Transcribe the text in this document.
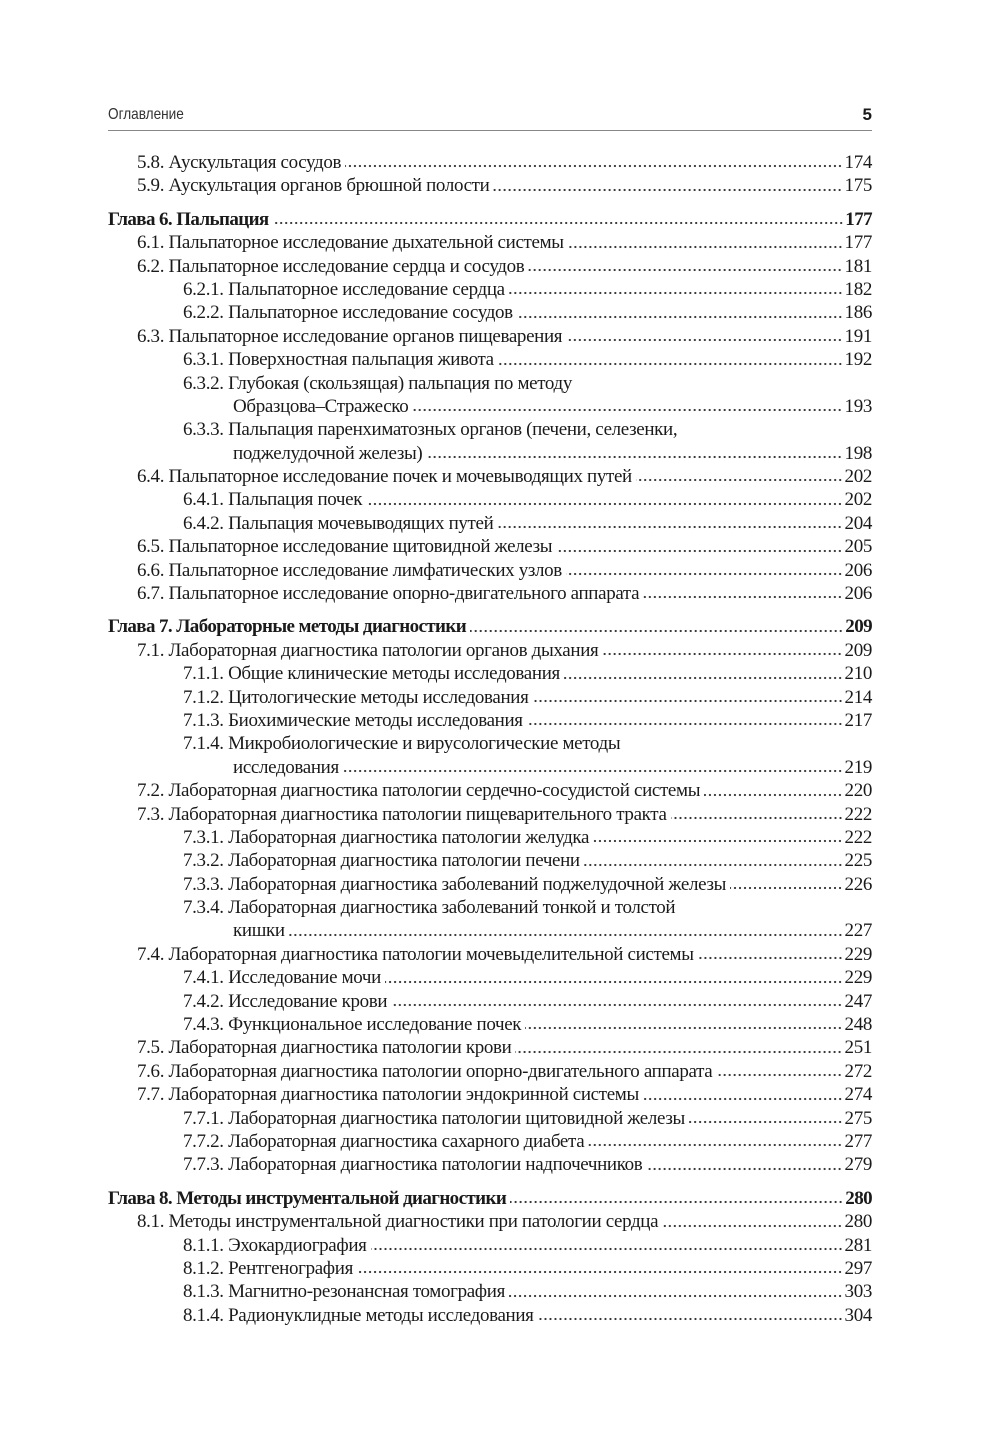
Оглавление	5
5.8. Аускультация сосудов	174
5.9. Аускультация органов брюшной полости	175
Глава 6. Пальпация	177
6.1. Пальпаторное исследование дыхательной системы	177
6.2. Пальпаторное исследование сердца и сосудов	181
6.2.1. Пальпаторное исследование сердца	182
6.2.2. Пальпаторное исследование сосудов	186
6.3. Пальпаторное исследование органов пищеварения	191
6.3.1. Поверхностная пальпация живота	192
6.3.2. Глубокая (скользящая) пальпация по методу
Образцова–Стражеско	193
6.3.3. Пальпация паренхиматозных органов (печени, селезенки,
поджелудочной железы)	198
6.4. Пальпаторное исследование почек и мочевыводящих путей	202
6.4.1. Пальпация почек	202
6.4.2. Пальпация мочевыводящих путей	204
6.5. Пальпаторное исследование щитовидной железы	205
6.6. Пальпаторное исследование лимфатических узлов	206
6.7. Пальпаторное исследование опорно-двигательного аппарата	206
Глава 7. Лабораторные методы диагностики	209
7.1. Лабораторная диагностика патологии органов дыхания	209
7.1.1. Общие клинические методы исследования	210
7.1.2. Цитологические методы исследования	214
7.1.3. Биохимические методы исследования	217
7.1.4. Микробиологические и вирусологические методы
исследования	219
7.2. Лабораторная диагностика патологии сердечно-сосудистой системы	220
7.3. Лабораторная диагностика патологии пищеварительного тракта	222
7.3.1. Лабораторная диагностика патологии желудка	222
7.3.2. Лабораторная диагностика патологии печени	225
7.3.3. Лабораторная диагностика заболеваний поджелудочной железы	226
7.3.4. Лабораторная диагностика заболеваний тонкой и толстой
кишки	227
7.4. Лабораторная диагностика патологии мочевыделительной системы	229
7.4.1. Исследование мочи	229
7.4.2. Исследование крови	247
7.4.3. Функциональное исследование почек	248
7.5. Лабораторная диагностика патологии крови	251
7.6. Лабораторная диагностика патологии опорно-двигательного аппарата	272
7.7. Лабораторная диагностика патологии эндокринной системы	274
7.7.1. Лабораторная диагностика патологии щитовидной железы	275
7.7.2. Лабораторная диагностика сахарного диабета	277
7.7.3. Лабораторная диагностика патологии надпочечников	279
Глава 8. Методы инструментальной диагностики	280
8.1. Методы инструментальной диагностики при патологии сердца	280
8.1.1. Эхокардиография	281
8.1.2. Рентгенография	297
8.1.3. Магнитно-резонансная томография	303
8.1.4. Радионуклидные методы исследования	304
